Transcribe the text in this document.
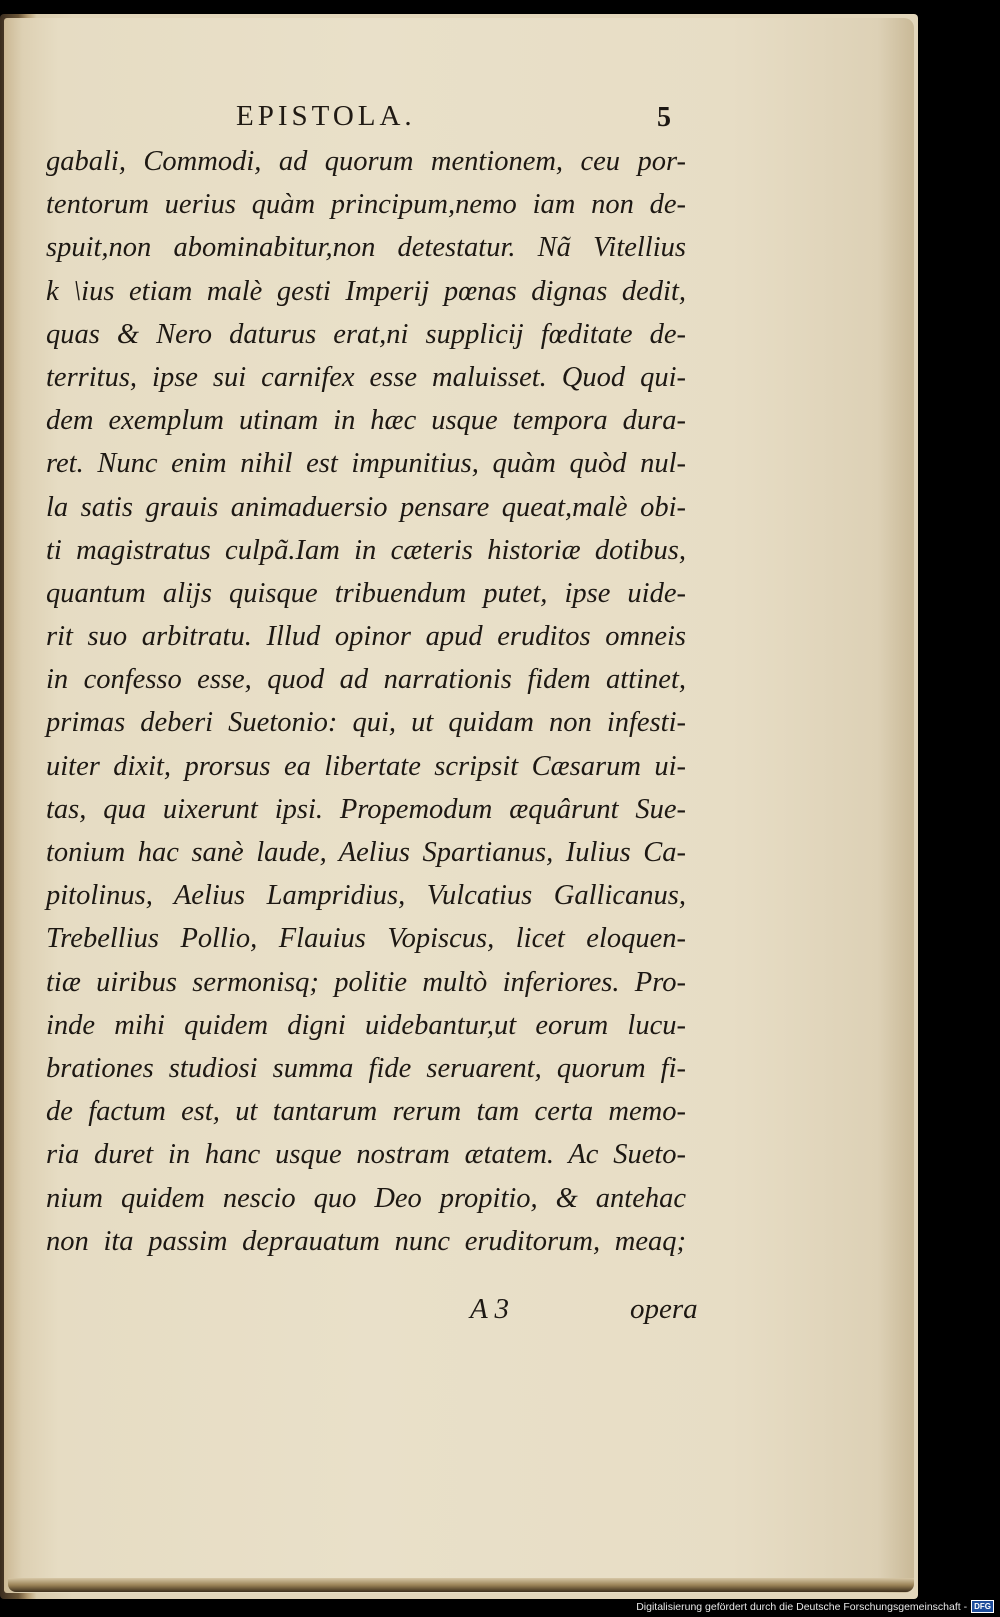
EPISTOLA.	5
gabali, Commodi, ad quorum mentionem, ceu por-
tentorum uerius quàm principum,nemo iam non de-
spuit,non abominabitur,non detestatur. Nã Vitellius
k \ius etiam malè gesti Imperij pœnas dignas dedit,
quas & Nero daturus erat,ni supplicij fœditate de-
territus, ipse sui carnifex esse maluisset. Quod qui-
dem exemplum utinam in hæc usque tempora dura-
ret. Nunc enim nihil est impunitius, quàm quòd nul-
la satis grauis animaduersio pensare queat,malè obi-
ti magistratus culpã.Iam in cæteris historiæ dotibus,
quantum alijs quisque tribuendum putet, ipse uide-
rit suo arbitratu. Illud opinor apud eruditos omneis
in confesso esse, quod ad narrationis fidem attinet,
primas deberi Suetonio: qui, ut quidam non infesti-
uiter dixit, prorsus ea libertate scripsit Cæsarum ui-
tas, qua uixerunt ipsi. Propemodum æquârunt Sue-
tonium hac sanè laude, Aelius Spartianus, Iulius Ca-
pitolinus, Aelius Lampridius, Vulcatius Gallicanus,
Trebellius Pollio, Flauius Vopiscus, licet eloquen-
tiæ uiribus sermonisq; politie multò inferiores. Pro-
inde mihi quidem digni uidebantur,ut eorum lucu-
brationes studiosi summa fide seruarent, quorum fi-
de factum est, ut tantarum rerum tam certa memo-
ria duret in hanc usque nostram ætatem. Ac Sueto-
nium quidem nescio quo Deo propitio, & antehac
non ita passim deprauatum nunc eruditorum, meaq;
A 3	opera
Digitalisierung gefördert durch die Deutsche Forschungsgemeinschaft - DFG
